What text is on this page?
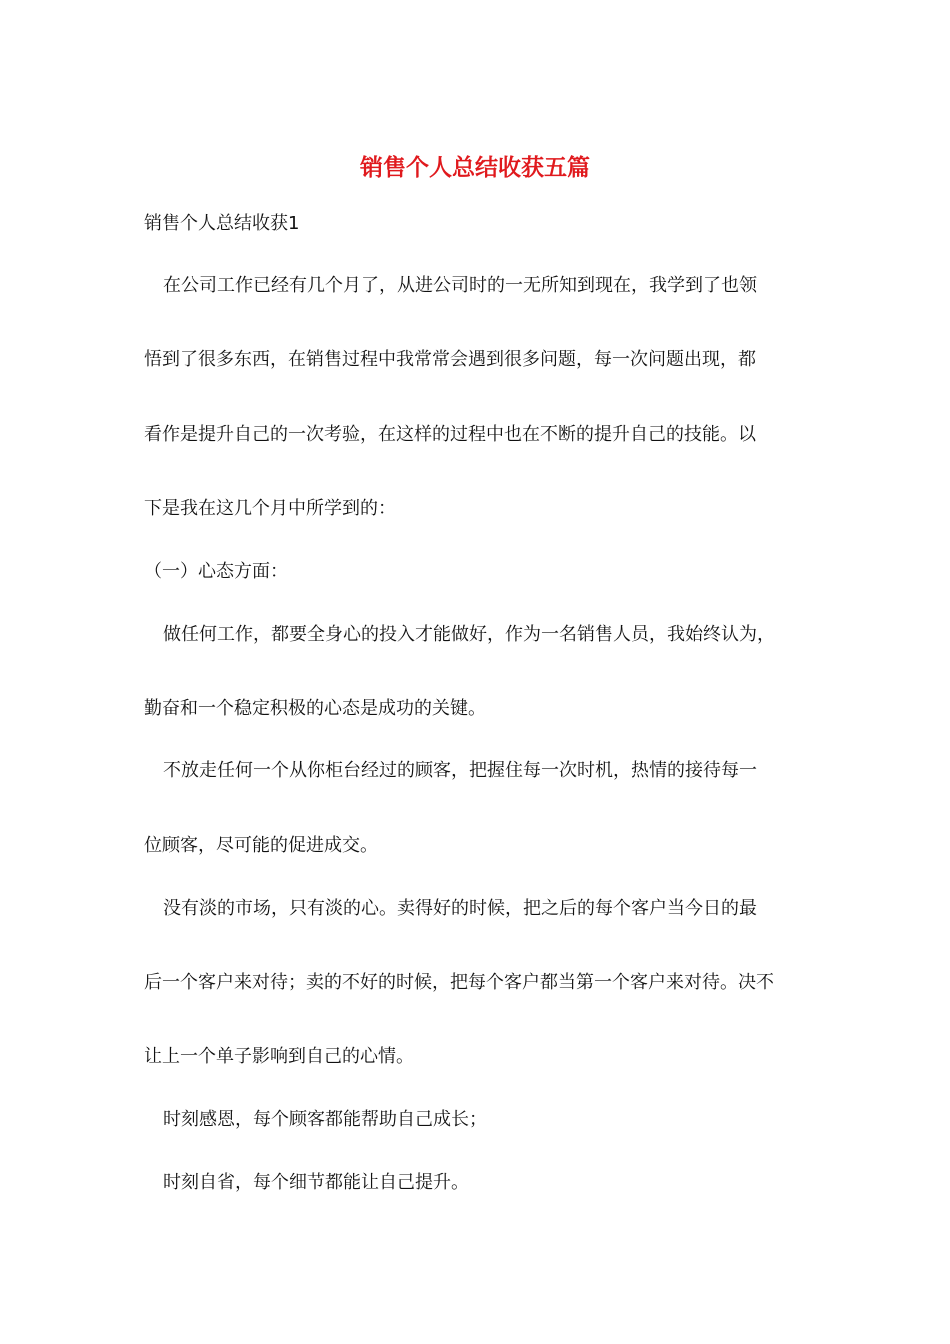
销售个人总结收获五篇

销售个人总结收获1

在公司工作已经有几个月了，从进公司时的一无所知到现在，我学到了也领

悟到了很多东西，在销售过程中我常常会遇到很多问题，每一次问题出现，都

看作是提升自己的一次考验，在这样的过程中也在不断的提升自己的技能。以

下是我在这几个月中所学到的：

（一）心态方面：

做任何工作，都要全身心的投入才能做好，作为一名销售人员，我始终认为，

勤奋和一个稳定积极的心态是成功的关键。

不放走任何一个从你柜台经过的顾客，把握住每一次时机，热情的接待每一

位顾客，尽可能的促进成交。

没有淡的市场，只有淡的心。卖得好的时候，把之后的每个客户当今日的最

后一个客户来对待；卖的不好的时候，把每个客户都当第一个客户来对待。决不

让上一个单子影响到自己的心情。

时刻感恩，每个顾客都能帮助自己成长；

时刻自省，每个细节都能让自己提升。
